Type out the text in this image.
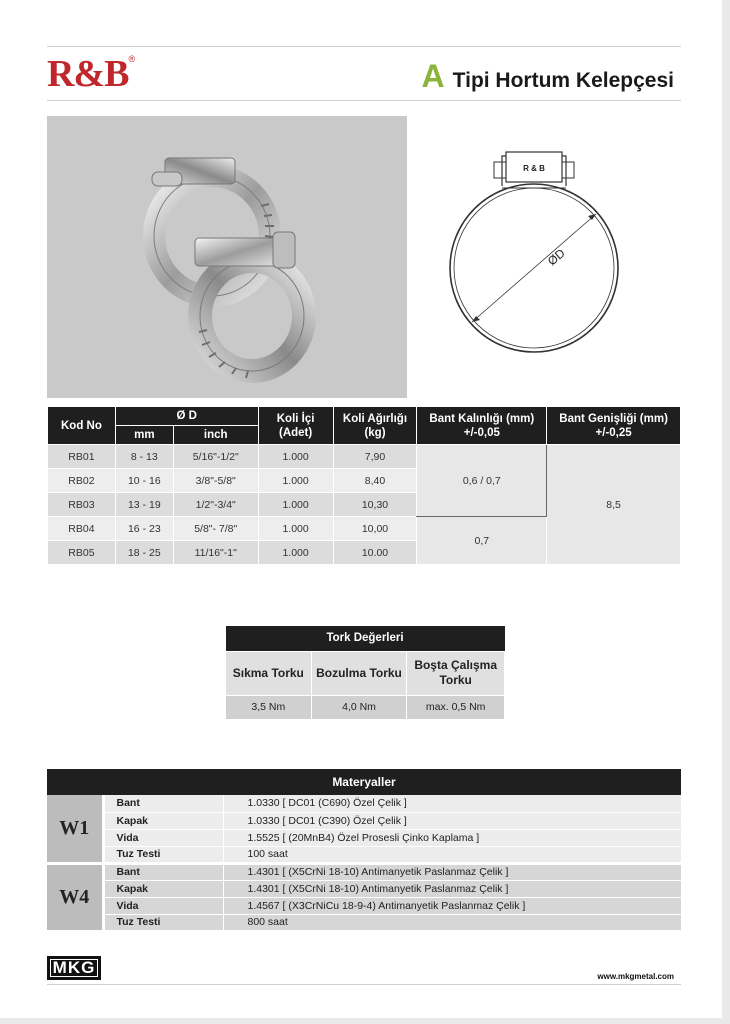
R&B®	A Tipi Hortum Kelepçesi
R & B
ØD
Kod No	Ø D		Koli İçi (Adet)	Koli Ağırlığı (kg)	Bant Kalınlığı (mm) +/-0,05	Bant Genişliği (mm) +/-0,25
	mm	inch				
RB01	8 - 13	5/16"-1/2"	1.000	7,90	0,6 / 0,7	8,5
RB02	10 - 16	3/8"-5/8"	1.000	8,40		
RB03	13 - 19	1/2"-3/4"	1.000	10,30		
RB04	16 - 23	5/8"- 7/8"	1.000	10,00	0,7	
RB05	18 - 25	11/16"-1"	1.000	10.00		
Tork Değerleri		
Sıkma Torku	Bozulma Torku	Boşta Çalışma Torku
3,5 Nm	4,0 Nm	max. 0,5 Nm
Materyaller		
W1	Bant	1.0330 [ DC01 (C690) Özel Çelik ]
	Kapak	1.0330 [ DC01 (C390) Özel Çelik ]
	Vida	1.5525 [ (20MnB4) Özel Prosesli Çinko Kaplama ]
	Tuz Testi	100 saat
W4	Bant	1.4301 [ (X5CrNi 18-10) Antimanyetik Paslanmaz Çelik ]
	Kapak	1.4301 [ (X5CrNi 18-10) Antimanyetik Paslanmaz Çelik ]
	Vida	1.4567 [ (X3CrNiCu 18-9-4) Antimanyetik Paslanmaz Çelik ]
	Tuz Testi	800 saat
MKG	www.mkgmetal.com
